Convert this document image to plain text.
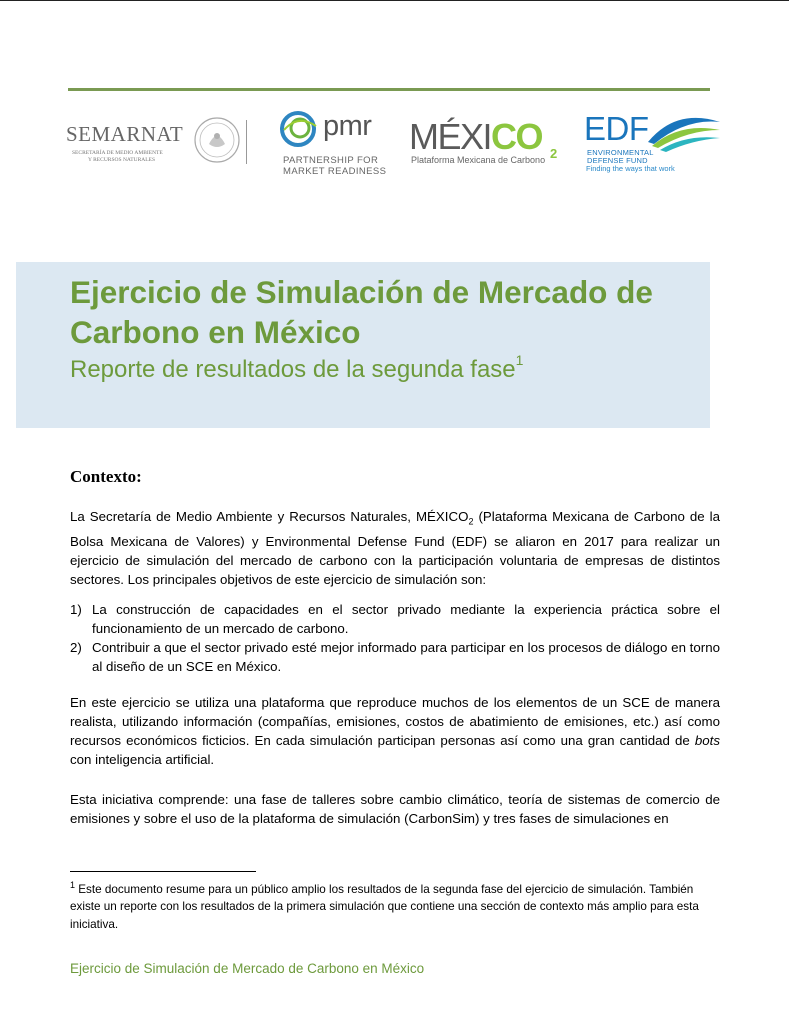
SEMARNAT
SECRETARÍA DE MEDIO AMBIENTE
Y RECURSOS NATURALES
pmr
PARTNERSHIP FOR
MARKET READINESS
MÉXICO 2
Plataforma Mexicana de Carbono
EDF
ENVIRONMENTAL
DEFENSE FUND
Finding the ways that work
Ejercicio de Simulación de Mercado de Carbono en México
Reporte de resultados de la segunda fase$^1$
Contexto:
La Secretaría de Medio Ambiente y Recursos Naturales, $MÉXICO_2$ (Plataforma Mexicana de Carbono de la Bolsa Mexicana de Valores) y Environmental Defense Fund (EDF) se aliaron en 2017 para realizar un ejercicio de simulación del mercado de carbono con la participación voluntaria de empresas de distintos sectores. Los principales objetivos de este ejercicio de simulación son:
1) La construcción de capacidades en el sector privado mediante la experiencia práctica sobre el funcionamiento de un mercado de carbono.
2) Contribuir a que el sector privado esté mejor informado para participar en los procesos de diálogo en torno al diseño de un SCE en México.
En este ejercicio se utiliza una plataforma que reproduce muchos de los elementos de un SCE de manera realista, utilizando información (compañías, emisiones, costos de abatimiento de emisiones, etc.) así como recursos económicos ficticios. En cada simulación participan personas así como una gran cantidad de bots con inteligencia artificial.
Esta iniciativa comprende: una fase de talleres sobre cambio climático, teoría de sistemas de comercio de emisiones y sobre el uso de la plataforma de simulación (CarbonSim) y tres fases de simulaciones en
$^1$ Este documento resume para un público amplio los resultados de la segunda fase del ejercicio de simulación. También existe un reporte con los resultados de la primera simulación que contiene una sección de contexto más amplio para esta iniciativa.
Ejercicio de Simulación de Mercado de Carbono en México
